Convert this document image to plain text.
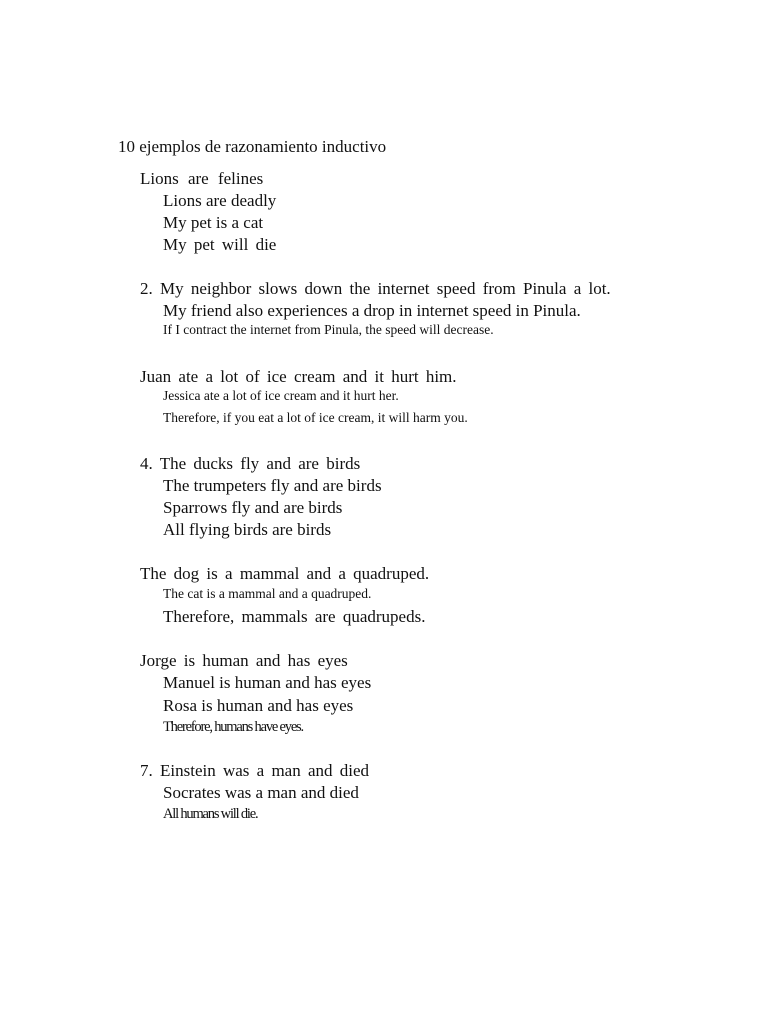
10 ejemplos de razonamiento inductivo
Lions are felines
Lions are deadly
My pet is a cat
My pet will die
2. My neighbor slows down the internet speed from Pinula a lot.
My friend also experiences a drop in internet speed in Pinula.
If I contract the internet from Pinula, the speed will decrease.
Juan ate a lot of ice cream and it hurt him.
Jessica ate a lot of ice cream and it hurt her.
Therefore, if you eat a lot of ice cream, it will harm you.
4. The ducks fly and are birds
The trumpeters fly and are birds
Sparrows fly and are birds
All flying birds are birds
The dog is a mammal and a quadruped.
The cat is a mammal and a quadruped.
Therefore, mammals are quadrupeds.
Jorge is human and has eyes
Manuel is human and has eyes
Rosa is human and has eyes
Therefore, humans have eyes.
7. Einstein was a man and died
Socrates was a man and died
All humans will die.
